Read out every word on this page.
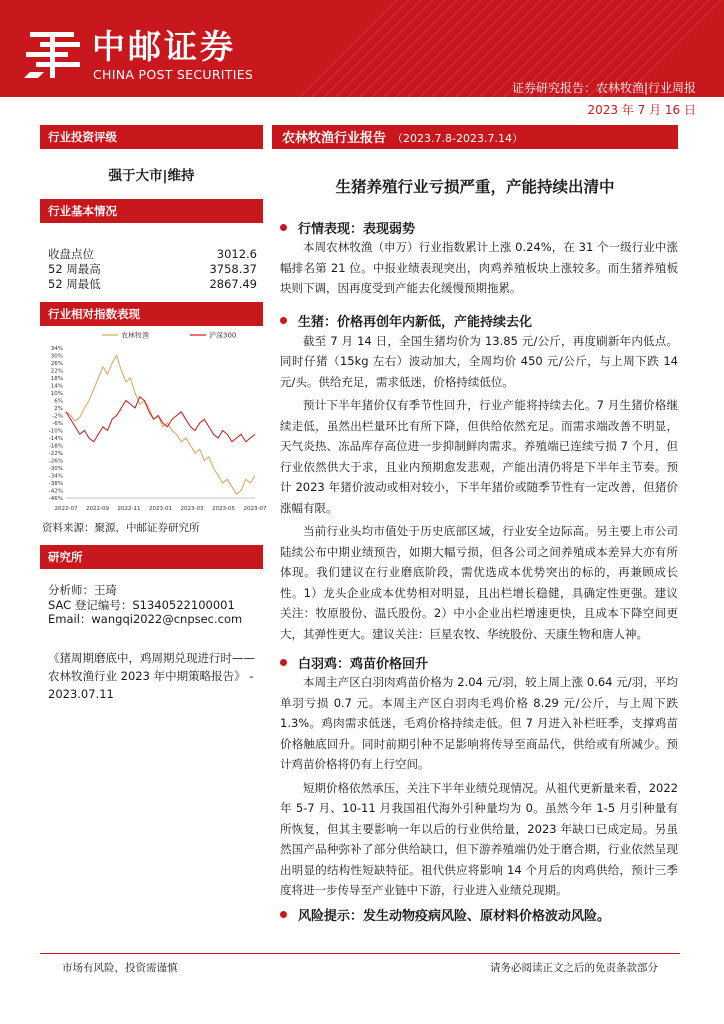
中邮证券
CHINA POST SECURITIES
证券研究报告：农林牧渔|行业周报
2023 年 7 月 16 日
行业投资评级
强于大市|维持
行业基本情况
收盘点位	3012.6
52 周最高	3758.37
52 周最低	2867.49
行业相对指数表现
34%
30%
26%
22%
18%
14%
10%
6%
2%
-2%
-6%
-10%
-14%
-18%
-22%
-26%
-30%
-34%
-38%
-42%
-46%
2022-07 2022-09 2022-11 2023-01 2023-03 2023-05 2023-07
农林牧渔	沪深300
资料来源：聚源，中邮证券研究所
研究所
分析师：王琦
SAC 登记编号：S1340522100001
Email：wangqi2022@cnpsec.com
《猪周期磨底中，鸡周期兑现进行时——农林牧渔行业 2023 年中期策略报告》 - 2023.07.11
农林牧渔行业报告 （2023.7.8-2023.7.14）
生猪养殖行业亏损严重，产能持续出清中
行情表现：表现弱势

本周农林牧渔（申万）行业指数累计上涨 0.24%，在 31 个一级行业中涨幅排名第 21 位。中报业绩表现突出，肉鸡养殖板块上涨较多。而生猪养殖板块则下调，因再度受到产能去化缓慢预期拖累。

生猪：价格再创年内新低，产能持续去化

截至 7 月 14 日，全国生猪均价为 13.85 元/公斤，再度刷新年内低点。同时仔猪（15kg 左右）波动加大，全周均价 450 元/公斤，与上周下跌 14 元/头。供给充足，需求低迷，价格持续低位。

预计下半年猪价仅有季节性回升，行业产能将持续去化。7 月生猪价格继续走低，虽然出栏量环比有所下降，但供给依然充足。而需求端改善不明显，天气炎热、冻品库存高位进一步抑制鲜肉需求。养殖端已连续亏损 7 个月，但行业依然供大于求，且业内预期愈发悲观，产能出清仍将是下半年主节奏。预计 2023 年猪价波动或相对较小，下半年猪价或随季节性有一定改善，但猪价涨幅有限。

当前行业头均市值处于历史底部区域，行业安全边际高。另主要上市公司陆续公布中期业绩预告，如期大幅亏损，但各公司之间养殖成本差异大亦有所体现。我们建议在行业磨底阶段，需优选成本优势突出的标的，再兼顾成长性。1）龙头企业成本优势相对明显，且出栏增长稳健，具确定性更强。建议关注：牧原股份、温氏股份。2）中小企业出栏增速更快，且成本下降空间更大，其弹性更大。建议关注：巨星农牧、华统股份、天康生物和唐人神。

白羽鸡：鸡苗价格回升

本周主产区白羽肉鸡苗价格为 2.04 元/羽，较上周上涨 0.64 元/羽，平均单羽亏损 0.7 元。本周主产区白羽肉毛鸡价格 8.29 元/公斤，与上周下跌 1.3%。鸡肉需求低迷，毛鸡价格持续走低。但 7 月进入补栏旺季，支撑鸡苗价格触底回升。同时前期引种不足影响将传导至商品代，供给或有所减少。预计鸡苗价格将仍有上行空间。

短期价格依然承压，关注下半年业绩兑现情况。从祖代更新量来看，2022 年 5-7 月、10-11 月我国祖代海外引种量均为 0。虽然今年 1-5 月引种量有所恢复，但其主要影响一年以后的行业供给量，2023 年缺口已成定局。另虽然国产品种弥补了部分供给缺口，但下游养殖端仍处于磨合期，行业依然呈现出明显的结构性短缺特征。祖代供应将影响 14 个月后的肉鸡供给，预计三季度将进一步传导至产业链中下游，行业进入业绩兑现期。

风险提示：发生动物疫病风险、原材料价格波动风险。
市场有风险，投资需谨慎	请务必阅读正文之后的免责条款部分
